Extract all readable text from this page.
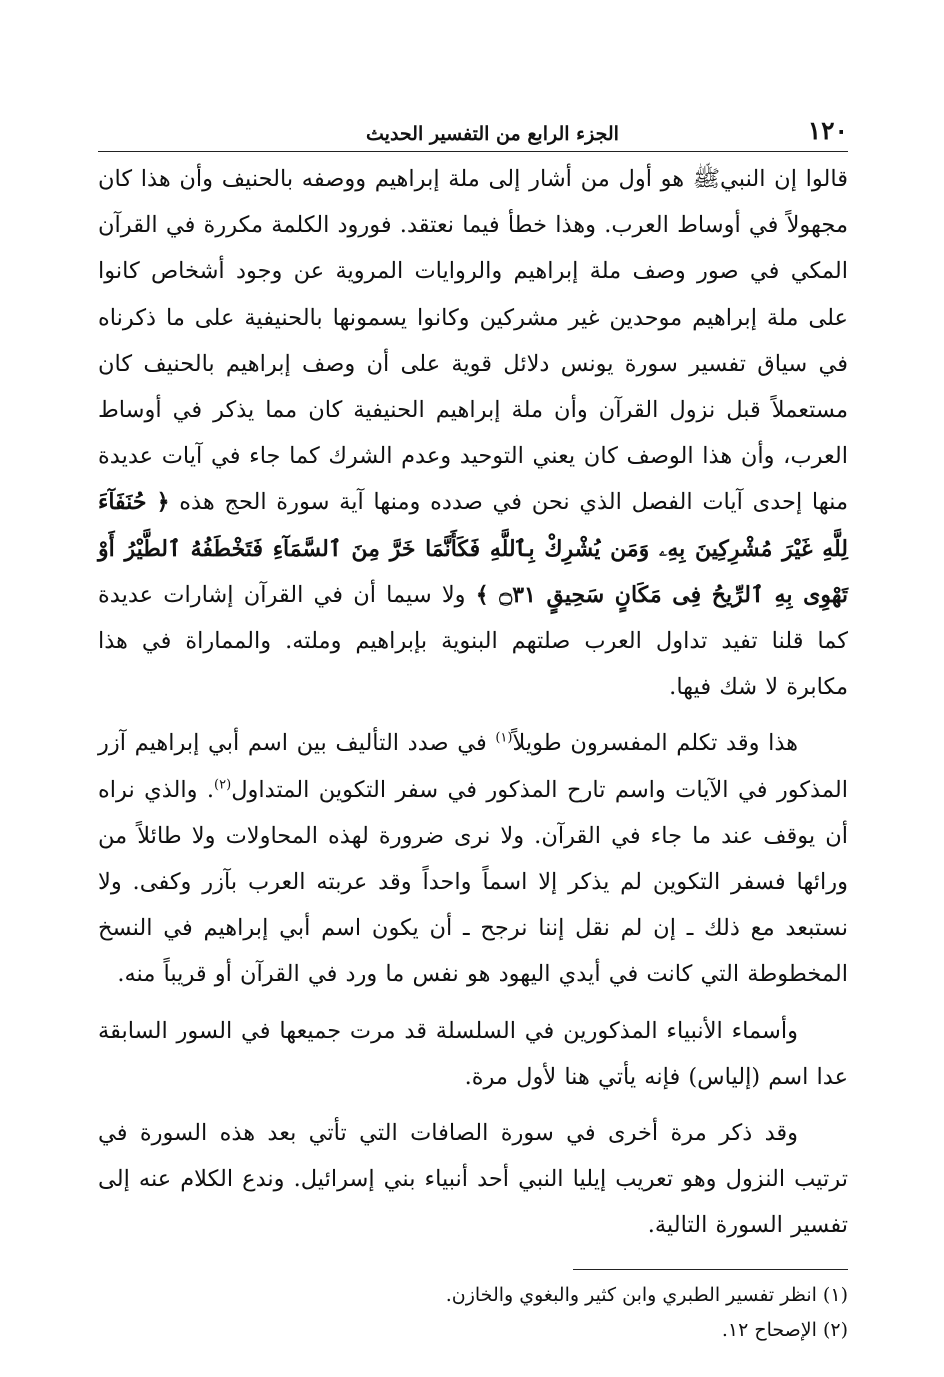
١٢٠
الجزء الرابع من التفسير الحديث

قالوا إن النبيﷺ هو أول من أشار إلى ملة إبراهيم ووصفه بالحنيف وأن هذا كان مجهولاً في أوساط العرب. وهذا خطأ فيما نعتقد. فورود الكلمة مكررة في القرآن المكي في صور وصف ملة إبراهيم والروايات المروية عن وجود أشخاص كانوا على ملة إبراهيم موحدين غير مشركين وكانوا يسمونها بالحنيفية على ما ذكرناه في سياق تفسير سورة يونس دلائل قوية على أن وصف إبراهيم بالحنيف كان مستعملاً قبل نزول القرآن وأن ملة إبراهيم الحنيفية كان مما يذكر في أوساط العرب، وأن هذا الوصف كان يعني التوحيد وعدم الشرك كما جاء في آيات عديدة منها إحدى آيات الفصل الذي نحن في صدده ومنها آية سورة الحج هذه ﴿ حُنَفَآءَ لِلَّهِ غَيْرَ مُشْرِكِينَ بِهِۦ وَمَن يُشْرِكْ بِٱللَّهِ فَكَأَنَّمَا خَرَّ مِنَ ٱلسَّمَآءِ فَتَخْطَفُهُ ٱلطَّيْرُ أَوْ تَهْوِى بِهِ ٱلرِّيحُ فِى مَكَانٍ سَحِيقٍ ۝٣١ ﴾ ولا سيما أن في القرآن إشارات عديدة كما قلنا تفيد تداول العرب صلتهم البنوية بإبراهيم وملته. والمماراة في هذا مكابرة لا شك فيها.

هذا وقد تكلم المفسرون طويلاً$^{(١)}$ في صدد التأليف بين اسم أبي إبراهيم آزر المذكور في الآيات واسم تارح المذكور في سفر التكوين المتداول$^{(٢)}$. والذي نراه أن يوقف عند ما جاء في القرآن. ولا نرى ضرورة لهذه المحاولات ولا طائلاً من ورائها فسفر التكوين لم يذكر إلا اسماً واحداً وقد عربته العرب بآزر وكفى. ولا نستبعد مع ذلك ـ إن لم نقل إننا نرجح ـ أن يكون اسم أبي إبراهيم في النسخ المخطوطة التي كانت في أيدي اليهود هو نفس ما ورد في القرآن أو قريباً منه.

وأسماء الأنبياء المذكورين في السلسلة قد مرت جميعها في السور السابقة عدا اسم (إلياس) فإنه يأتي هنا لأول مرة.

وقد ذكر مرة أخرى في سورة الصافات التي تأتي بعد هذه السورة في ترتيب النزول وهو تعريب إيليا النبي أحد أنبياء بني إسرائيل. وندع الكلام عنه إلى تفسير السورة التالية.

(١) انظر تفسير الطبري وابن كثير والبغوي والخازن.

(٢) الإصحاح ١٢.
